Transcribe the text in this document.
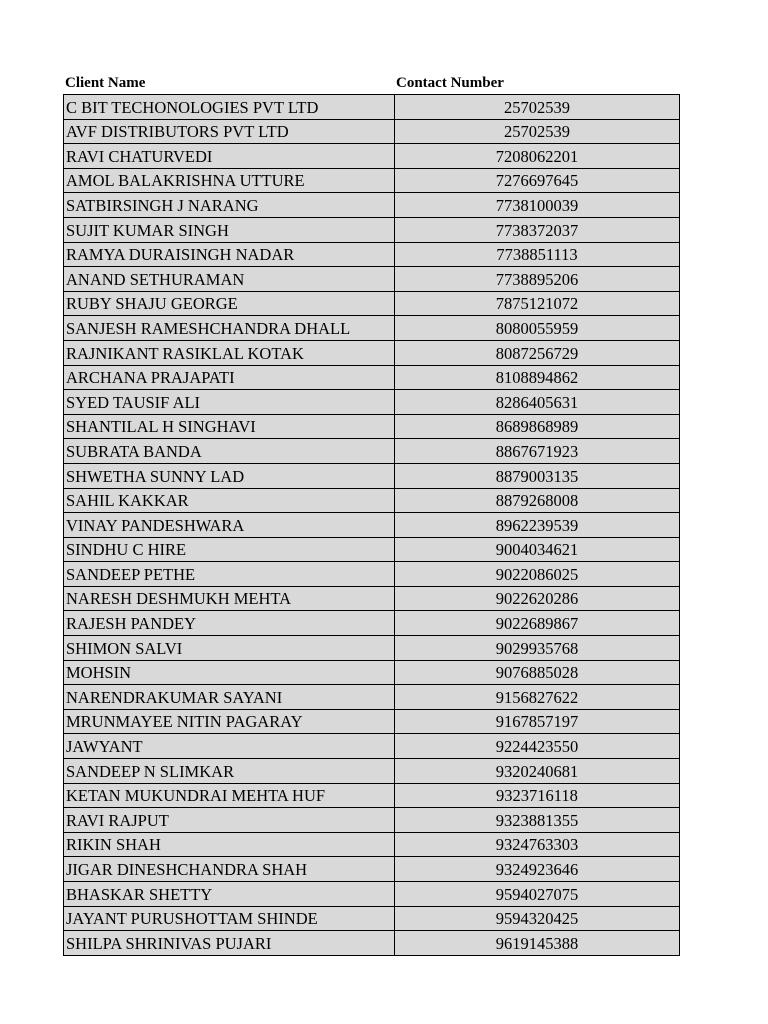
Client Name	Contact Number
C BIT TECHONOLOGIES PVT LTD	25702539
AVF DISTRIBUTORS PVT LTD	25702539
RAVI CHATURVEDI	7208062201
AMOL BALAKRISHNA UTTURE	7276697645
SATBIRSINGH J NARANG	7738100039
SUJIT KUMAR SINGH	7738372037
RAMYA DURAISINGH NADAR	7738851113
ANAND SETHURAMAN	7738895206
RUBY SHAJU GEORGE	7875121072
SANJESH RAMESHCHANDRA DHALL	8080055959
RAJNIKANT RASIKLAL KOTAK	8087256729
ARCHANA PRAJAPATI	8108894862
SYED TAUSIF ALI	8286405631
SHANTILAL H SINGHAVI	8689868989
SUBRATA BANDA	8867671923
SHWETHA SUNNY LAD	8879003135
SAHIL KAKKAR	8879268008
VINAY PANDESHWARA	8962239539
SINDHU C HIRE	9004034621
SANDEEP PETHE	9022086025
NARESH DESHMUKH MEHTA	9022620286
RAJESH PANDEY	9022689867
SHIMON SALVI	9029935768
MOHSIN	9076885028
NARENDRAKUMAR SAYANI	9156827622
MRUNMAYEE NITIN PAGARAY	9167857197
JAWYANT	9224423550
SANDEEP N SLIMKAR	9320240681
KETAN MUKUNDRAI MEHTA HUF	9323716118
RAVI RAJPUT	9323881355
RIKIN SHAH	9324763303
JIGAR DINESHCHANDRA SHAH	9324923646
BHASKAR SHETTY	9594027075
JAYANT PURUSHOTTAM SHINDE	9594320425
SHILPA SHRINIVAS PUJARI	9619145388
